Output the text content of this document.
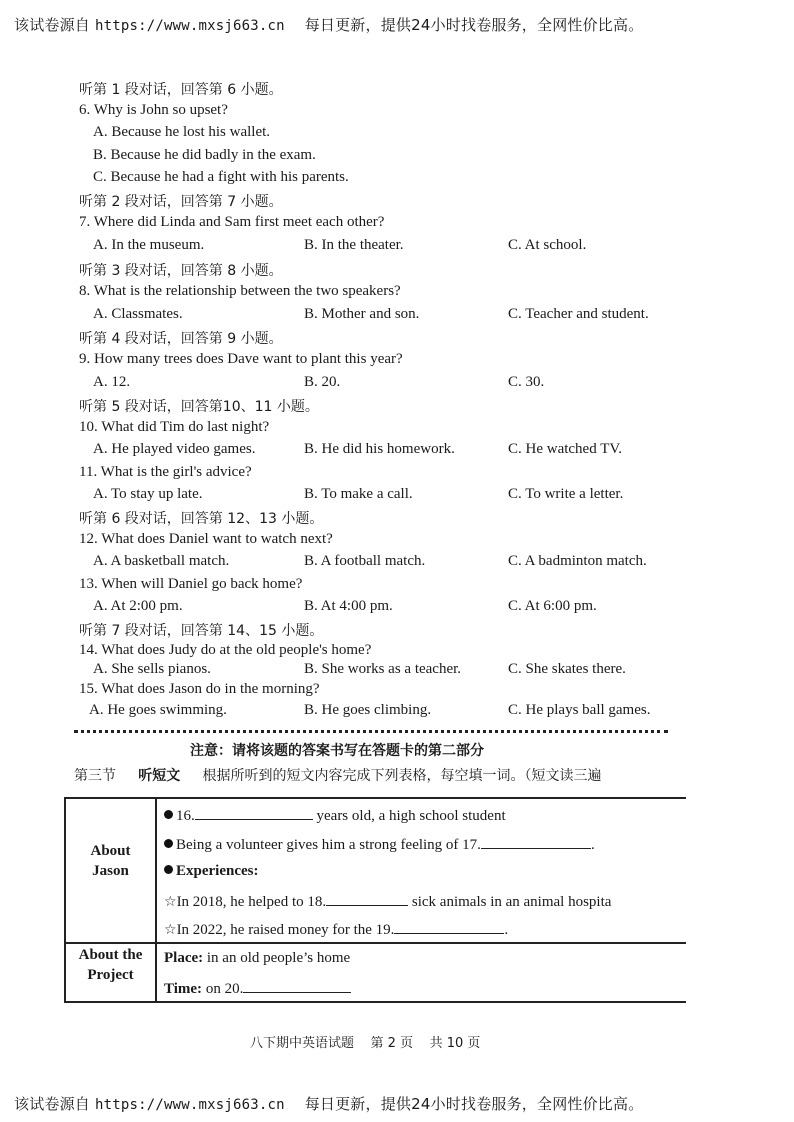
该试卷源自 https://www.mxsj663.cn 每日更新，提供24小时找卷服务，全网性价比高。
听第 1 段对话，回答第 6 小题。
6. Why is John so upset?
A. Because he lost his wallet.
B. Because he did badly in the exam.
C. Because he had a fight with his parents.
听第 2 段对话，回答第 7 小题。
7. Where did Linda and Sam first meet each other?
A. In the museum.	B. In the theater.	C. At school.
听第 3 段对话，回答第 8 小题。
8. What is the relationship between the two speakers?
A. Classmates.	B. Mother and son.	C. Teacher and student.
听第 4 段对话，回答第 9 小题。
9. How many trees does Dave want to plant this year?
A. 12.	B. 20.	C. 30.
听第 5 段对话，回答第10、11 小题。
10. What did Tim do last night?
A. He played video games.	B. He did his homework.	C. He watched TV.
11. What is the girl's advice?
A. To stay up late.	B. To make a call.	C. To write a letter.
听第 6 段对话，回答第 12、13 小题。
12. What does Daniel want to watch next?
A. A basketball match.	B. A football match.	C. A badminton match.
13. When will Daniel go back home?
A. At 2:00 pm.	B. At 4:00 pm.	C. At 6:00 pm.
听第 7 段对话，回答第 14、15 小题。
14. What does Judy do at the old people's home?
A. She sells pianos.	B. She works as a teacher.	C. She skates there.
15. What does Jason do in the morning?
A. He goes swimming.	B. He goes climbing.	C. He plays ball games.
注意：请将该题的答案书写在答题卡的第二部分
第三节 听短文 根据所听到的短文内容完成下列表格，每空填一词。（短文读三遍
About
Jason
16.	years old, a high school student
Being a volunteer gives him a strong feeling of 17.	.
Experiences:
☆In 2018, he helped to 18.	sick animals in an animal hospita
☆In 2022, he raised money for the 19.	.
About the
Project
Place: in an old people’s home
Time: on 20.
八下期中英语试题 第 2 页 共 10 页
该试卷源自 https://www.mxsj663.cn 每日更新，提供24小时找卷服务，全网性价比高。
